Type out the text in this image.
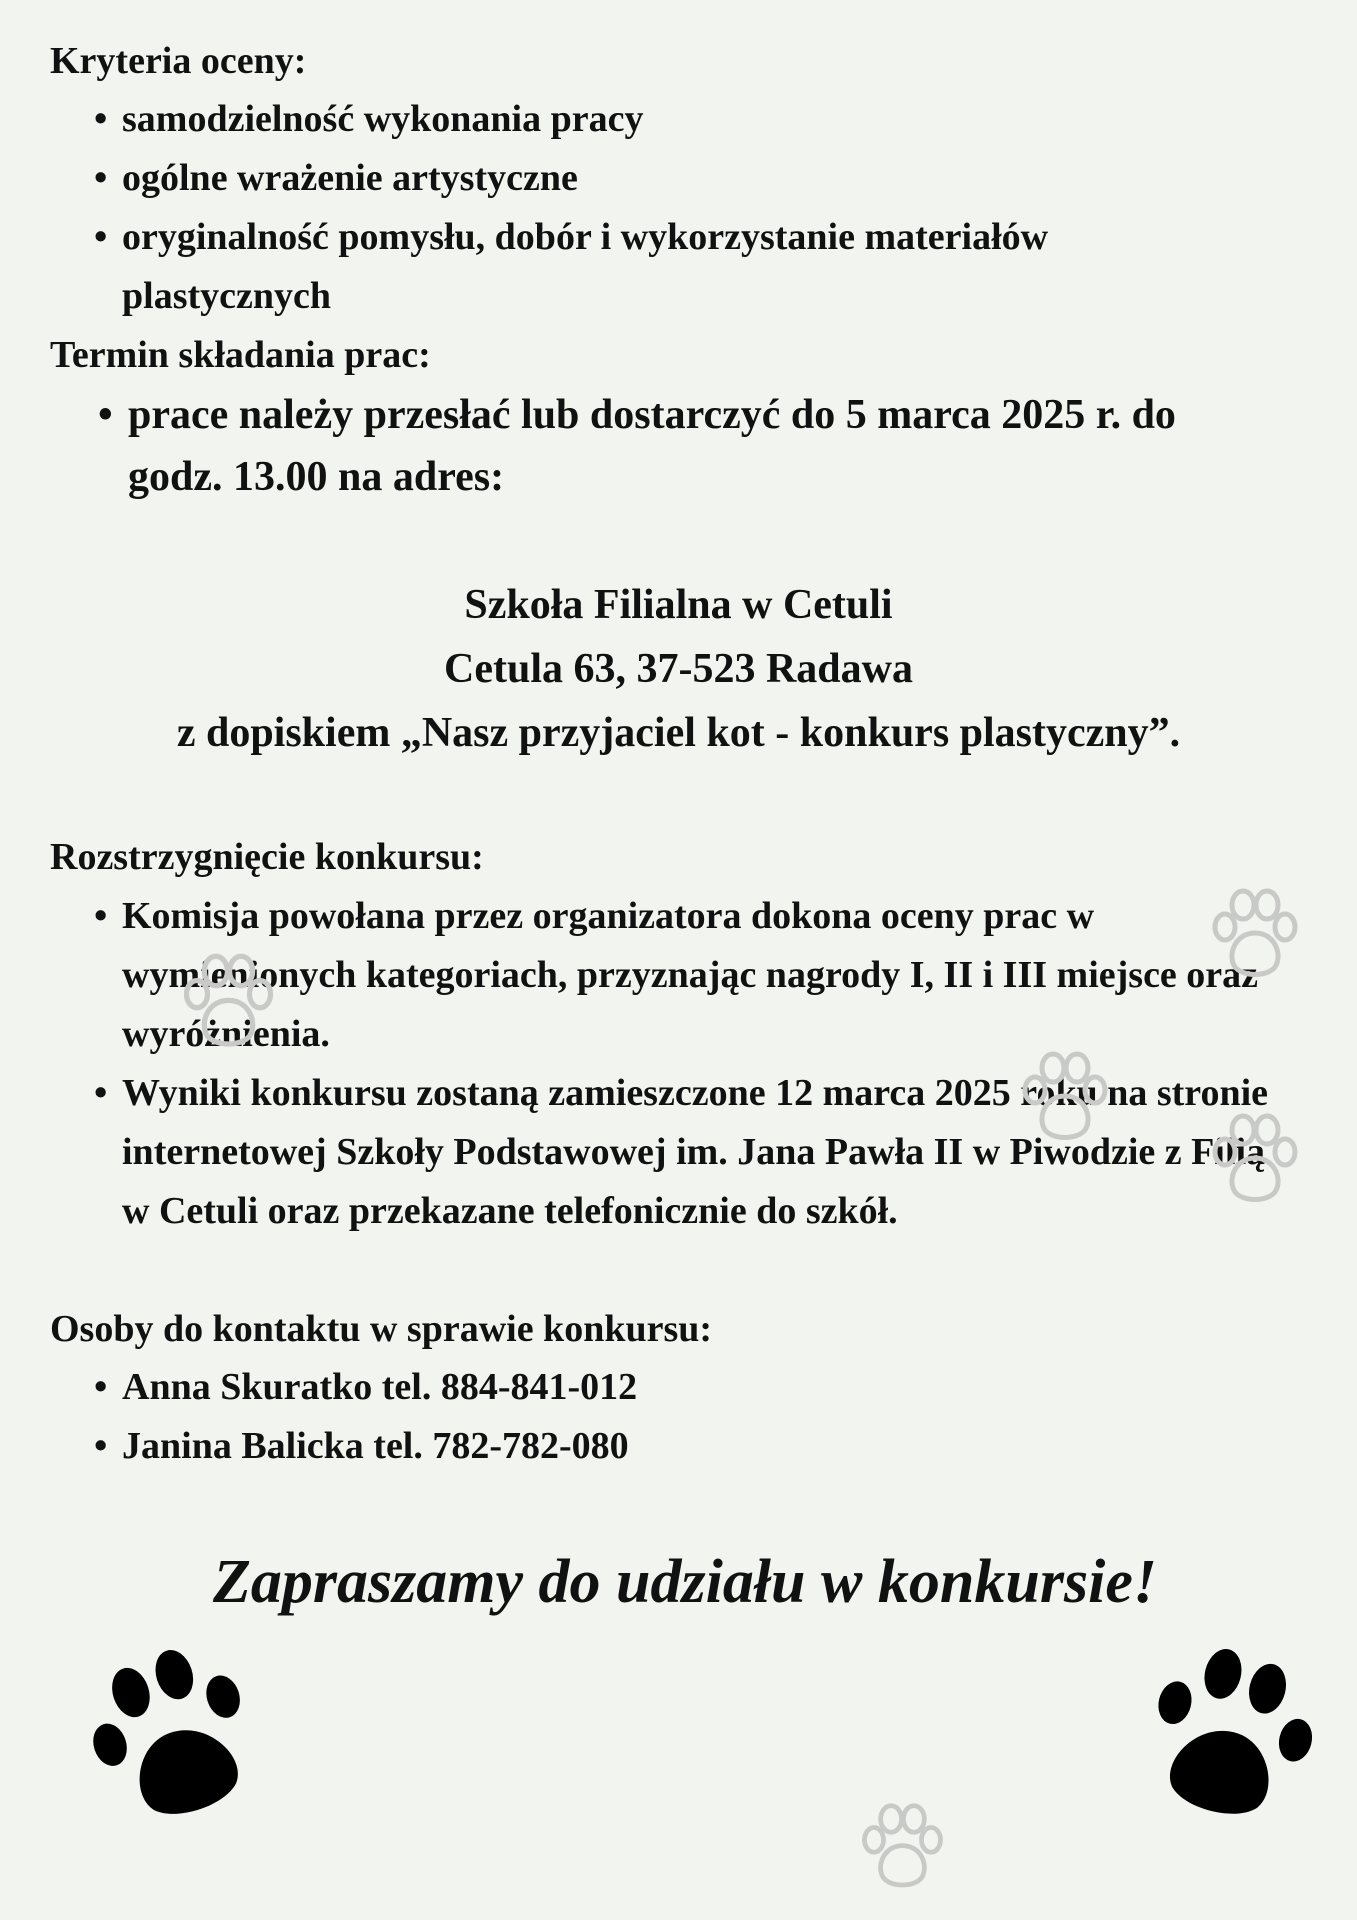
Kryteria oceny:
• samodzielność wykonania pracy
• ogólne wrażenie artystyczne
• oryginalność pomysłu, dobór i wykorzystanie materiałów plastycznych
Termin składania prac:
• prace należy przesłać lub dostarczyć do 5 marca 2025 r. do godz. 13.00 na adres:
Szkoła Filialna w Cetuli
Cetula 63, 37-523 Radawa
z dopiskiem „Nasz przyjaciel kot - konkurs plastyczny”.
Rozstrzygnięcie konkursu:
• Komisja powołana przez organizatora dokona oceny prac w wymienionych kategoriach, przyznając nagrody I, II i III miejsce oraz wyróżnienia.
• Wyniki konkursu zostaną zamieszczone 12 marca 2025 roku na stronie internetowej Szkoły Podstawowej im. Jana Pawła II w Piwodzie z Filią w Cetuli oraz przekazane telefonicznie do szkół.
Osoby do kontaktu w sprawie konkursu:
• Anna Skuratko tel. 884-841-012
• Janina Balicka tel. 782-782-080
Zapraszamy do udziału w konkursie!
